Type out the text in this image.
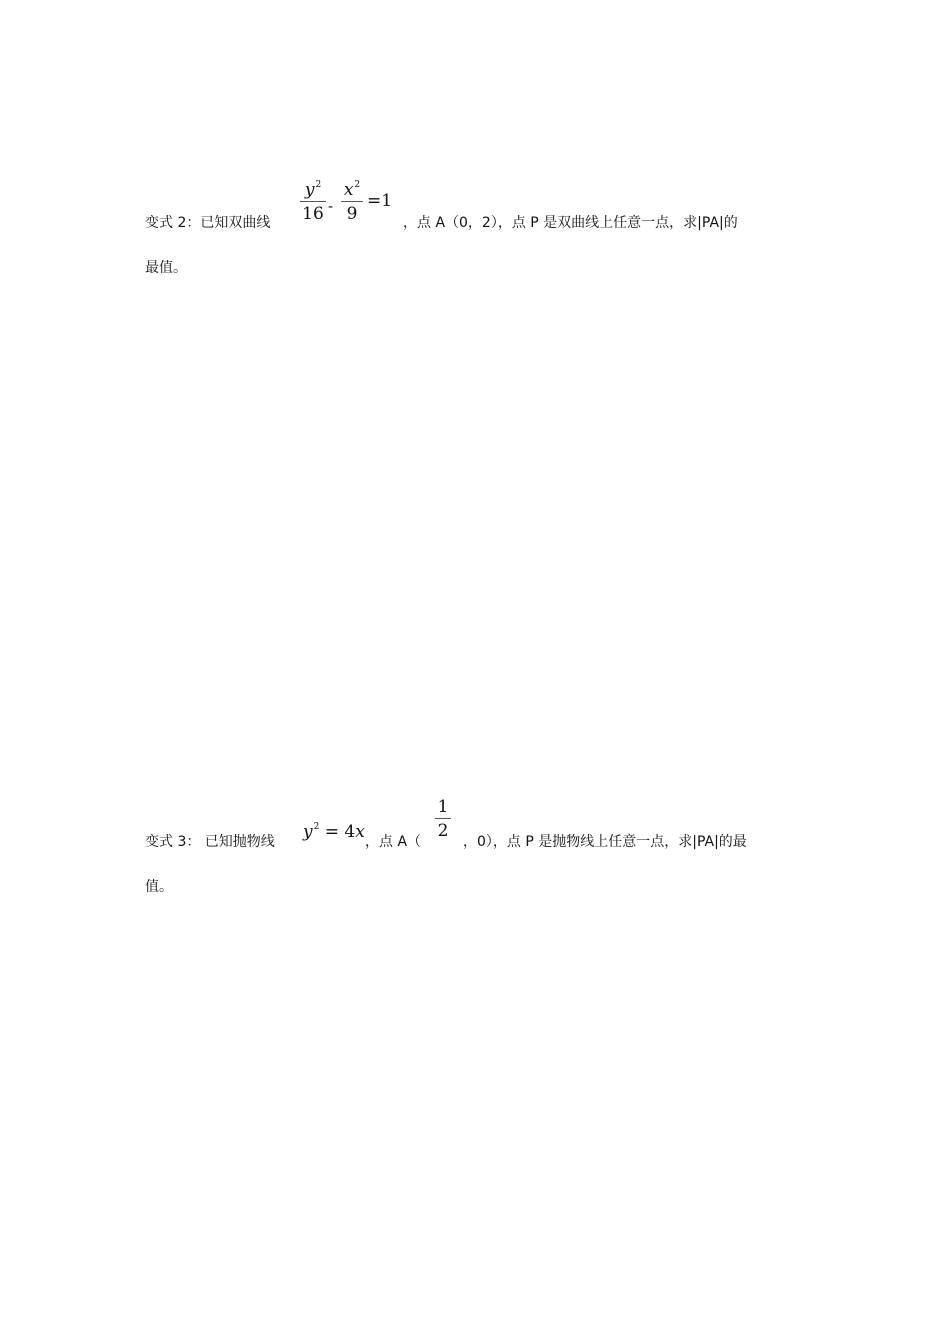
变式 2：已知双曲线
$y^2$
16 -
$x^2$
9
=1
，点 A（0，2），点 P 是双曲线上任意一点，求|PA|的
最值。
变式 3： 已知抛物线 $y^2 = 4x$ ，点 A（
1
2
，0），点 P 是抛物线上任意一点，求|PA|的最
值。
